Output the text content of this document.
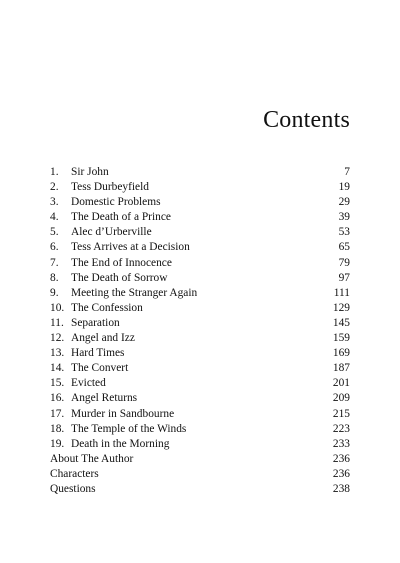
Contents
1. Sir John	7
2. Tess Durbeyfield	19
3. Domestic Problems	29
4. The Death of a Prince	39
5. Alec d’Urberville	53
6. Tess Arrives at a Decision	65
7. The End of Innocence	79
8. The Death of Sorrow	97
9. Meeting the Stranger Again	111
10. The Confession	129
11. Separation	145
12. Angel and Izz	159
13. Hard Times	169
14. The Convert	187
15. Evicted	201
16. Angel Returns	209
17. Murder in Sandbourne	215
18. The Temple of the Winds	223
19. Death in the Morning	233
About The Author	236
Characters	236
Questions	238
